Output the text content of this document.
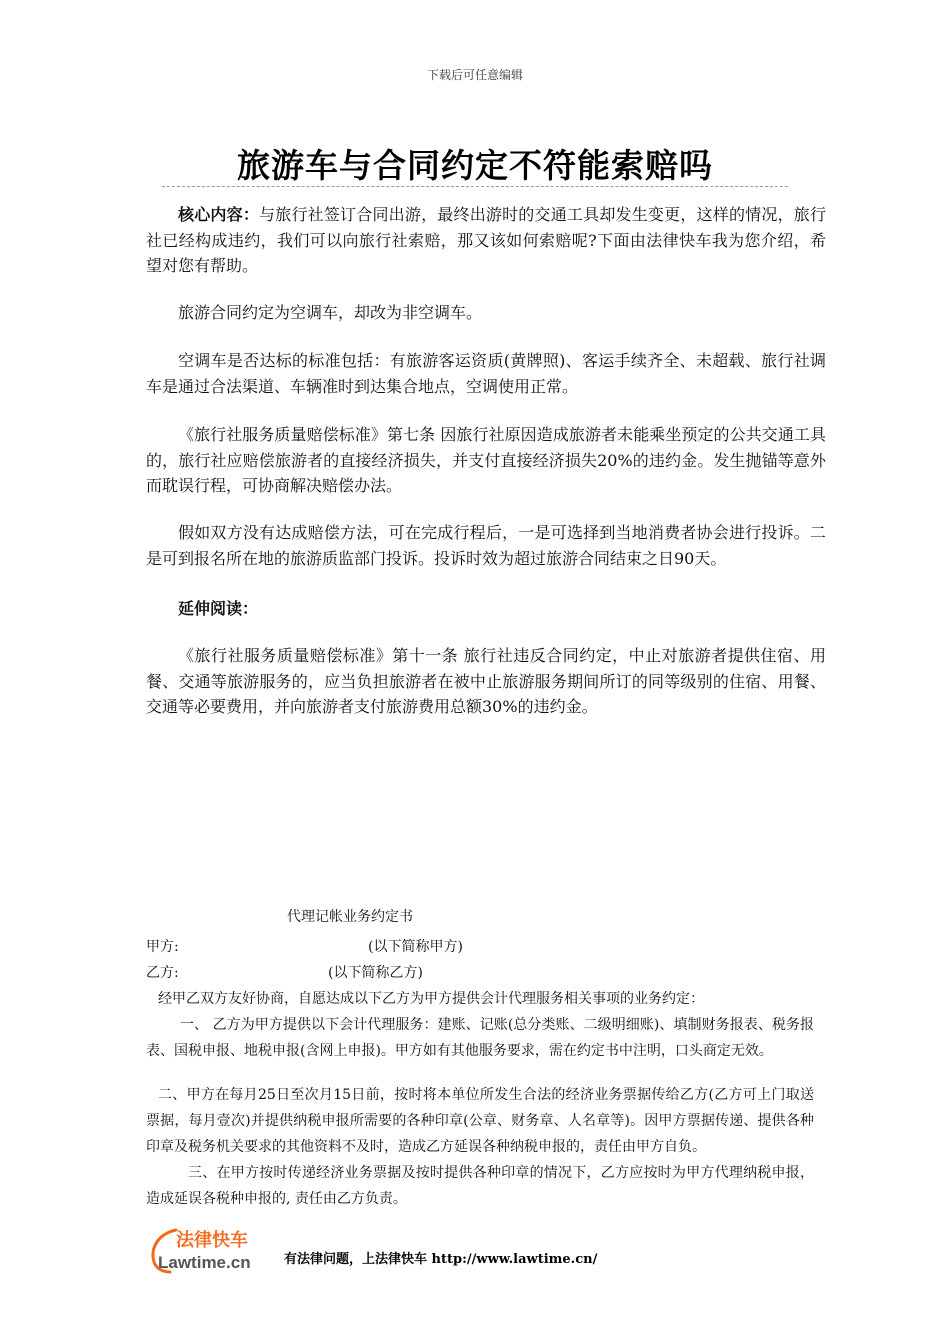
下载后可任意编辑
旅游车与合同约定不符能索赔吗
核心内容：与旅行社签订合同出游，最终出游时的交通工具却发生变更，这样的情况，旅行社已经构成违约，我们可以向旅行社索赔，那又该如何索赔呢?下面由法律快车我为您介绍，希望对您有帮助。
旅游合同约定为空调车，却改为非空调车。
空调车是否达标的标准包括：有旅游客运资质(黄牌照)、客运手续齐全、未超载、旅行社调车是通过合法渠道、车辆准时到达集合地点，空调使用正常。
《旅行社服务质量赔偿标准》第七条 因旅行社原因造成旅游者未能乘坐预定的公共交通工具的，旅行社应赔偿旅游者的直接经济损失，并支付直接经济损失20%的违约金。发生抛锚等意外而耽误行程，可协商解决赔偿办法。
假如双方没有达成赔偿方法，可在完成行程后，一是可选择到当地消费者协会进行投诉。二是可到报名所在地的旅游质监部门投诉。投诉时效为超过旅游合同结束之日90天。
延伸阅读：
《旅行社服务质量赔偿标准》第十一条 旅行社违反合同约定，中止对旅游者提供住宿、用餐、交通等旅游服务的，应当负担旅游者在被中止旅游服务期间所订的同等级别的住宿、用餐、交通等必要费用，并向旅游者支付旅游费用总额30%的违约金。
代理记帐业务约定书
甲方:	(以下简称甲方)
乙方:	(以下简称乙方)
经甲乙双方友好协商，自愿达成以下乙方为甲方提供会计代理服务相关事项的业务约定：
一、 乙方为甲方提供以下会计代理服务：建账、记账(总分类账、二级明细账)、填制财务报表、税务报表、国税申报、地税申报(含网上申报)。甲方如有其他服务要求，需在约定书中注明，口头商定无效。
二、甲方在每月25日至次月15日前，按时将本单位所发生合法的经济业务票据传给乙方(乙方可上门取送票据，每月壹次)并提供纳税申报所需要的各种印章(公章、财务章、人名章等)。因甲方票据传递、提供各种印章及税务机关要求的其他资料不及时，造成乙方延误各种纳税申报的，责任由甲方自负。
三、在甲方按时传递经济业务票据及按时提供各种印章的情况下，乙方应按时为甲方代理纳税申报，造成延误各税种申报的, 责任由乙方负责。
法律快车
Lawtime.cn	有法律问题，上法律快车 http://www.lawtime.cn/
